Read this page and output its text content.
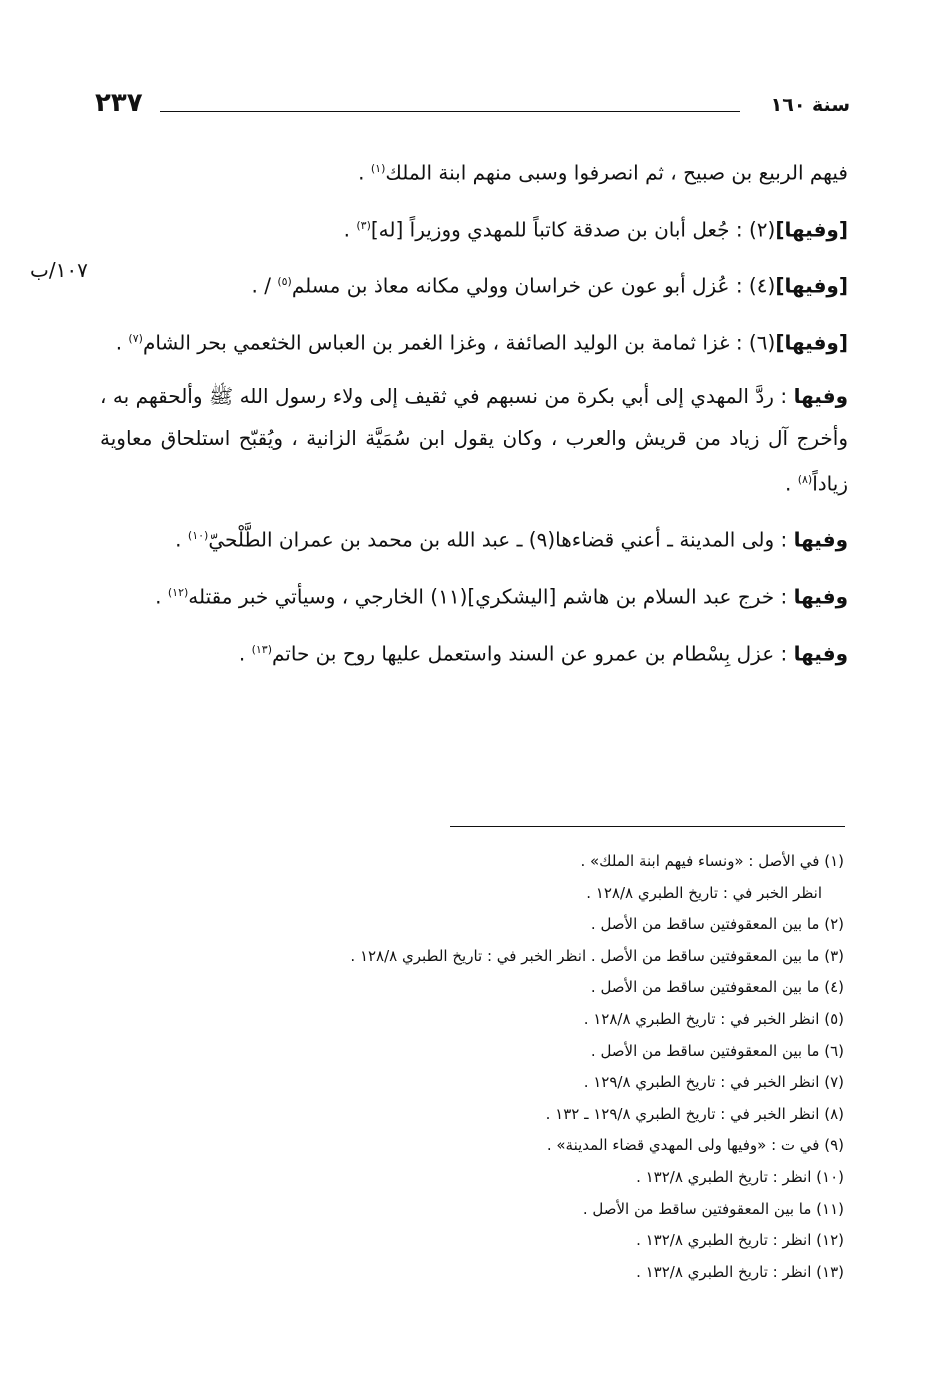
٢٣٧	سنة ١٦٠
١٠٧/ب

فيهم الربيع بن صبيح ، ثم انصرفوا وسبى منهم ابنة الملك$^{(١)}$ .

[وفيها](٢) : جُعل أبان بن صدقة كاتباً للمهدي ووزيراً [له]$^{(٣)}$ .

[وفيها](٤) : عُزل أبو عون عن خراسان وولي مكانه معاذ بن مسلم$^{(٥)}$ / .

[وفيها](٦) : غزا ثمامة بن الوليد الصائفة ، وغزا الغمر بن العباس الخثعمي بحر الشام$^{(٧)}$ .

وفيها : ردَّ المهدي إلى أبي بكرة من نسبهم في ثقيف إلى ولاء رسول الله ﷺ وألحقهم به ، وأخرج آل زياد من قريش والعرب ، وكان يقول ابن سُمَيَّة الزانية ، ويُقبّح استلحاق معاوية زياداً$^{(٨)}$ .

وفيها : ولى المدينة ـ أعني قضاءها(٩) ـ عبد الله بن محمد بن عمران الطَّلْحيّ$^{(١٠)}$ .

وفيها : خرج عبد السلام بن هاشم [اليشكري](١١) الخارجي ، وسيأتي خبر مقتله$^{(١٢)}$ .

وفيها : عزل بِسْطام بن عمرو عن السند واستعمل عليها روح بن حاتم$^{(١٣)}$ .

(١) في الأصل : «ونساء فيهم ابنة الملك» .
انظر الخبر في : تاريخ الطبري ١٢٨/٨ .
(٢) ما بين المعقوفتين ساقط من الأصل .
(٣) ما بين المعقوفتين ساقط من الأصل . انظر الخبر في : تاريخ الطبري ١٢٨/٨ .
(٤) ما بين المعقوفتين ساقط من الأصل .
(٥) انظر الخبر في : تاريخ الطبري ١٢٨/٨ .
(٦) ما بين المعقوفتين ساقط من الأصل .
(٧) انظر الخبر في : تاريخ الطبري ١٢٩/٨ .
(٨) انظر الخبر في : تاريخ الطبري ١٢٩/٨ ـ ١٣٢ .
(٩) في ت : «وفيها ولى المهدي قضاء المدينة» .
(١٠) انظر : تاريخ الطبري ١٣٢/٨ .
(١١) ما بين المعقوفتين ساقط من الأصل .
(١٢) انظر : تاريخ الطبري ١٣٢/٨ .
(١٣) انظر : تاريخ الطبري ١٣٢/٨ .
